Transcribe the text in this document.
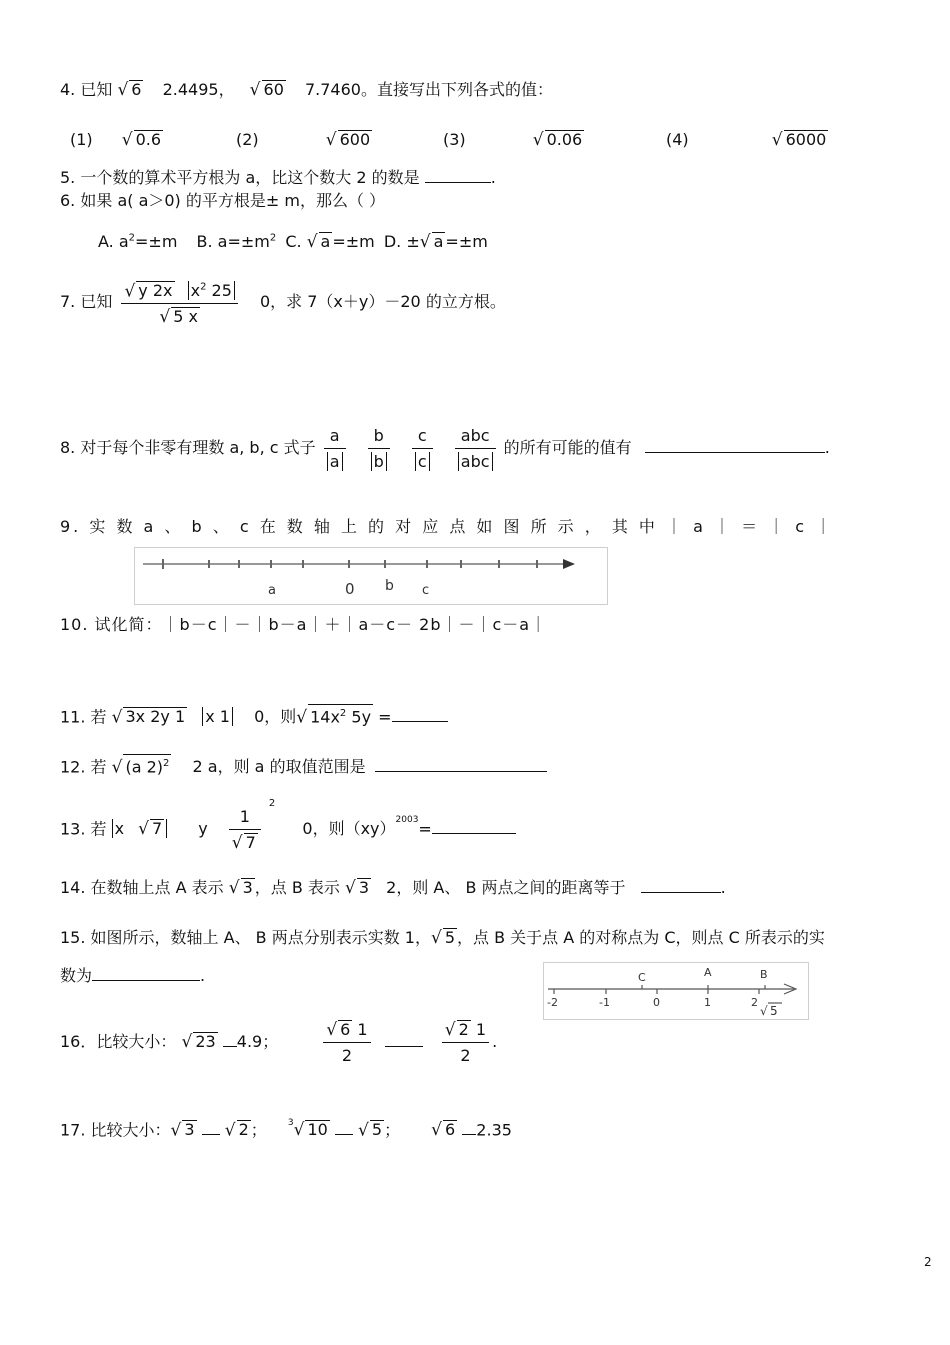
4. 已知 √ 6 2.4495， √ 60 7.7460。直接写出下列各式的值：
(1) √ 0.6	(2)	√ 600	(3)	√ 0.06	(4)	√ 6000
5. 一个数的算术平方根为 a，比这个数大 2 的数是	.
6. 如果 a( a＞0) 的平方根是± m，那么（ ）
A. $a^2=\pm m$ B. $a=\pm m^2$ C. √ a =±m D. ±√ a =±m
7. 已知 $\frac{√ y 2x x^2 25}{√ 5 x} 0$，求 7（x＋y）－20 的立方根。
8. 对于每个非零有理数 a, b, c 式子 $\frac{a}{a}$
$\frac{b}{b}$
$\frac{c}{c}$
$\frac{\text{abc}}{\text{abc}}$ 的所有可能的值有	.
9. 实 数 a 、 b 、 c 在 数 轴 上 的 对 应 点 如 图 所 示 ， 其 中 ｜ a ｜ ＝ ｜ c ｜
a	0 b c
10. 试化简：｜b－c｜－｜b－a｜＋｜a－c－ 2b｜－｜c－a｜
11. 若 √ 3x 2y 1 x 1 0，则√ $14x^2$ 5y =
12. 若 √ (a 2)$^2$ 2 a，则 a 的取值范围是
13. 若 x √ 7 y $\frac{1}{√ 7}$
$^2$ 0，则（xy）$^{2003}$=
14. 在数轴上点 A 表示 √ 3 ，点 B 表示 √ 3 2，则 A、 B 两点之间的距离等于	.
15. 如图所示，数轴上 A、 B 两点分别表示实数 1，√ 5 ，点 B 关于点 A 的对称点为 C，则点 C 所表示的实
数为	.
-2	-1	0	1	2
C	A	B
√ 5
16．比较大小： √ 23 4.9；	$\frac{√ 6 1}{2}$
	$\frac{√ 2 1}{2}$ .
17. 比较大小：√ 3 √ 2 ； $^3$√ 10 √ 5 ； √ 6 2.35
2
